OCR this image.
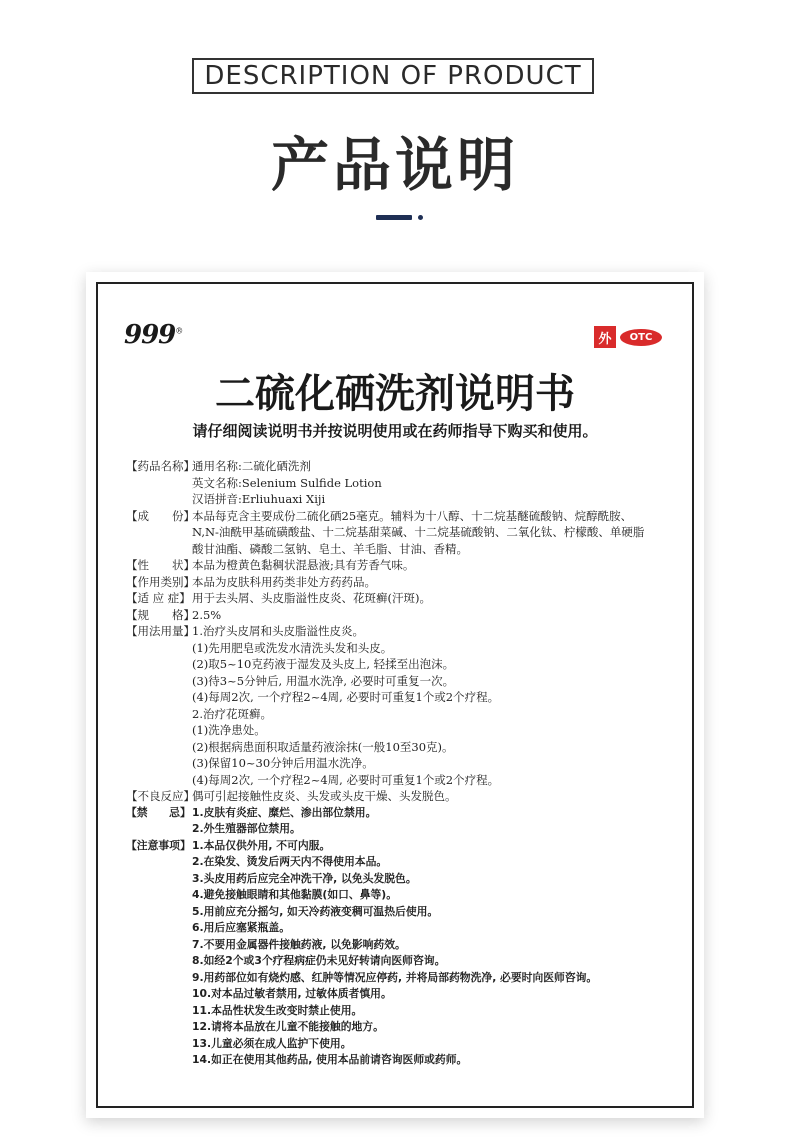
DESCRIPTION OF PRODUCT
产品说明
999®
外	OTC
二硫化硒洗剂说明书
请仔细阅读说明书并按说明使用或在药师指导下购买和使用。
【药品名称】
通用名称:二硫化硒洗剂
英文名称:Selenium Sulfide Lotion
汉语拼音:Erliuhuaxi Xiji
【成　　份】
本品每克含主要成份二硫化硒25毫克。辅料为十八醇、十二烷基醚硫酸钠、烷醇酰胺、
N,N-油酰甲基硫磺酸盐、十二烷基甜菜碱、十二烷基硫酸钠、二氧化钛、柠檬酸、单硬脂
酸甘油酯、磷酸二氢钠、皂土、羊毛脂、甘油、香精。
【性　　状】
本品为橙黄色黏稠状混悬液;具有芳香气味。
【作用类别】
本品为皮肤科用药类非处方药药品。
【适 应 症】 用于去头屑、头皮脂溢性皮炎、花斑癣(汗斑)。
【规　　格】
2.5%
【用法用量】
1.治疗头皮屑和头皮脂溢性皮炎。
(1)先用肥皂或洗发水清洗头发和头皮。
(2)取5~10克药液于湿发及头皮上, 轻揉至出泡沫。
(3)待3~5分钟后, 用温水洗净, 必要时可重复一次。
(4)每周2次, 一个疗程2~4周, 必要时可重复1个或2个疗程。
2.治疗花斑癣。
(1)洗净患处。
(2)根据病患面积取适量药液涂抹(一般10至30克)。
(3)保留10~30分钟后用温水洗净。
(4)每周2次, 一个疗程2~4周, 必要时可重复1个或2个疗程。
【不良反应】
偶可引起接触性皮炎、头发或头皮干燥、头发脱色。
【禁　　忌】 1.皮肤有炎症、糜烂、渗出部位禁用。
2.外生殖器部位禁用。
【注意事项】 1.本品仅供外用, 不可内服。
2.在染发、烫发后两天内不得使用本品。
3.头皮用药后应完全冲洗干净, 以免头发脱色。
4.避免接触眼睛和其他黏膜(如口、鼻等)。
5.用前应充分摇匀, 如天冷药液变稠可温热后使用。
6.用后应塞紧瓶盖。
7.不要用金属器件接触药液, 以免影响药效。
8.如经2个或3个疗程病症仍未见好转请向医师咨询。
9.用药部位如有烧灼感、红肿等情况应停药, 并将局部药物洗净, 必要时向医师咨询。
10.对本品过敏者禁用, 过敏体质者慎用。
11.本品性状发生改变时禁止使用。
12.请将本品放在儿童不能接触的地方。
13.儿童必须在成人监护下使用。
14.如正在使用其他药品, 使用本品前请咨询医师或药师。
